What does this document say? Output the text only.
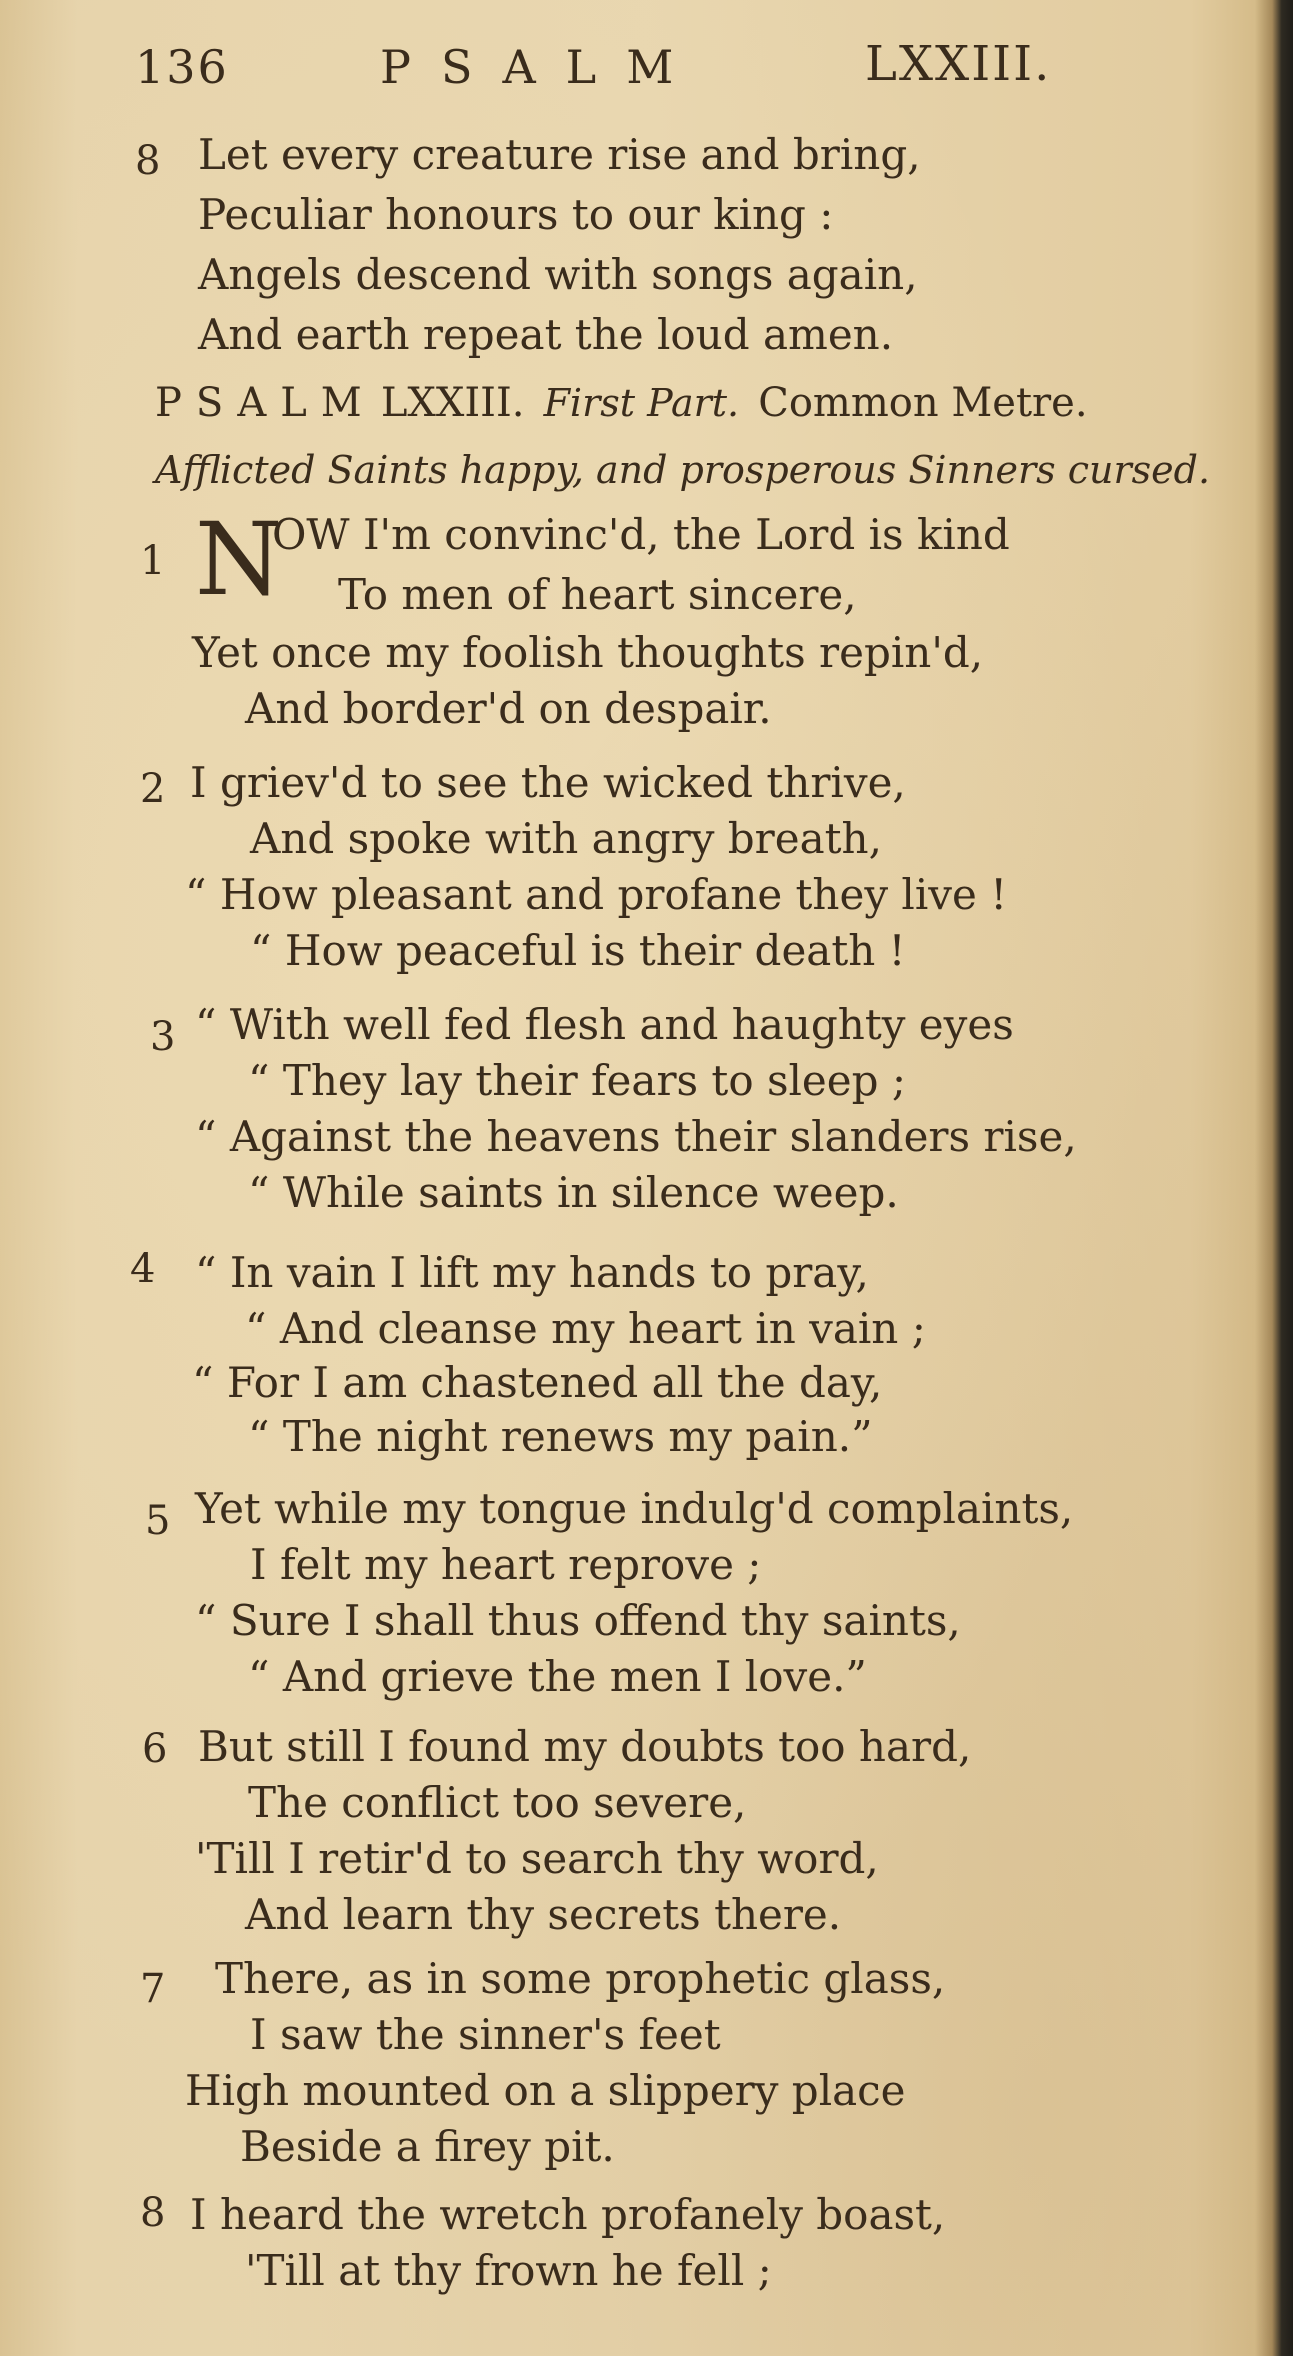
136	PSALM	LXXIII.
8 Let every creature rise and bring,
Peculiar honours to our king :
Angels descend with songs again,
And earth repeat the loud amen.
PSALM LXXIII. First Part. Common Metre.
Afflicted Saints happy, and prosperous Sinners cursed.
1 N
OW I'm convinc'd, the Lord is kind
To men of heart sincere,
Yet once my foolish thoughts repin'd,
And border'd on despair.
2 I griev'd to see the wicked thrive,
And spoke with angry breath,
“ How pleasant and profane they live !
“ How peaceful is their death !
3 “ With well fed flesh and haughty eyes
“ They lay their fears to sleep ;
“ Against the heavens their slanders rise,
“ While saints in silence weep.
4 “ In vain I lift my hands to pray,
“ And cleanse my heart in vain ;
“ For I am chastened all the day,
“ The night renews my pain.”
5 Yet while my tongue indulg'd complaints,
I felt my heart reprove ;
“ Sure I shall thus offend thy saints,
“ And grieve the men I love.”
6 But still I found my doubts too hard,
The conflict too severe,
'Till I retir'd to search thy word,
And learn thy secrets there.
7 There, as in some prophetic glass,
I saw the sinner's feet
High mounted on a slippery place
Beside a firey pit.
8 I heard the wretch profanely boast,
'Till at thy frown he fell ;
